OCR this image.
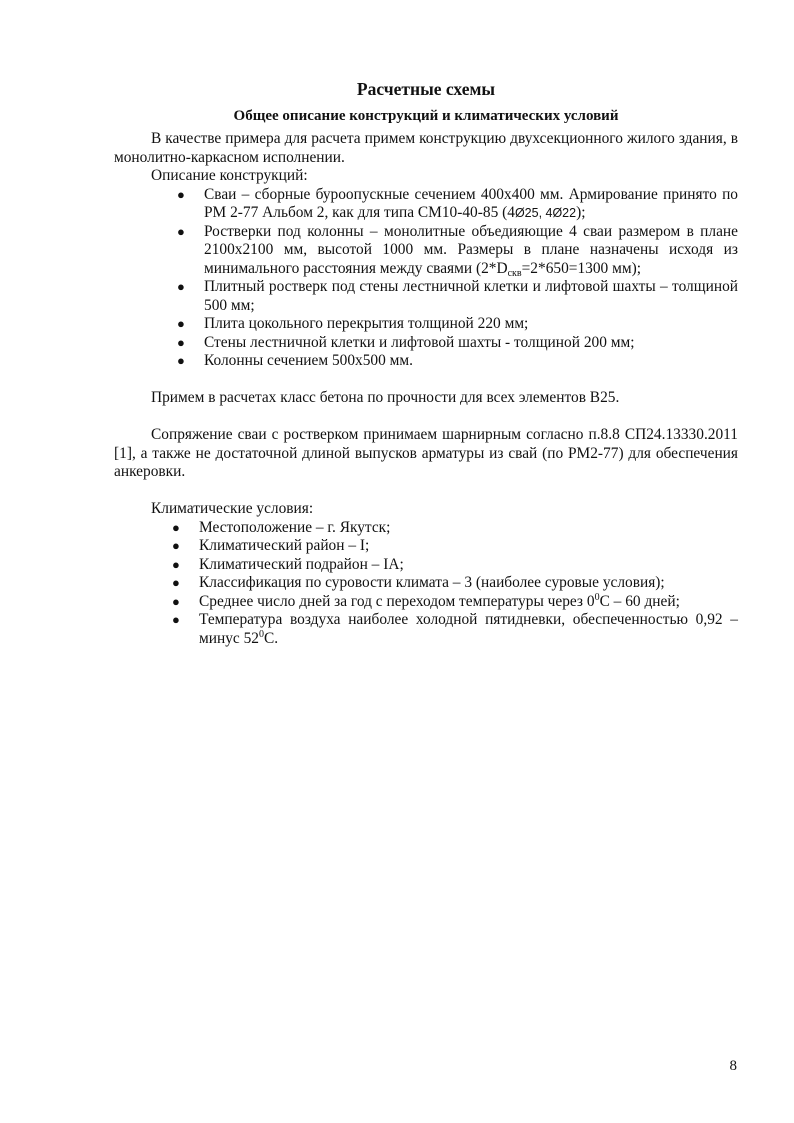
Расчетные схемы
Общее описание конструкций и климатических условий

В качестве примера для расчета примем конструкцию двухсекционного жилого здания, в монолитно-каркасном исполнении.

Описание конструкций:

● Сваи – сборные буроопускные сечением 400х400 мм. Армирование принято по РМ 2-77 Альбом 2, как для типа СМ10-40-85 (4Ø25, 4Ø22);
● Ростверки под колонны – монолитные объедияющие 4 сваи размером в плане 2100х2100 мм, высотой 1000 мм. Размеры в плане назначены исходя из минимального расстояния между сваями ($2*D_{скв}=2*650=1300$ мм);
● Плитный ростверк под стены лестничной клетки и лифтовой шахты – толщиной 500 мм;
● Плита цокольного перекрытия толщиной 220 мм;
● Стены лестничной клетки и лифтовой шахты - толщиной 200 мм;
● Колонны сечением 500х500 мм.

Примем в расчетах класс бетона по прочности для всех элементов В25.

Сопряжение сваи с ростверком принимаем шарнирным согласно п.8.8 СП24.13330.2011 [1], а также не достаточной длиной выпусков арматуры из свай (по РМ2-77) для обеспечения анкеровки.

Климатические условия:

● Местоположение – г. Якутск;
● Климатический район – I;
● Климатический подрайон – IA;
● Классификация по суровости климата – 3 (наиболее суровые условия);
● Среднее число дней за год с переходом температуры через $0^0С - 60$ дней;
● Температура воздуха наиболее холодной пятидневки, обеспеченностью 0,92 – минус $52^0С$.
8
